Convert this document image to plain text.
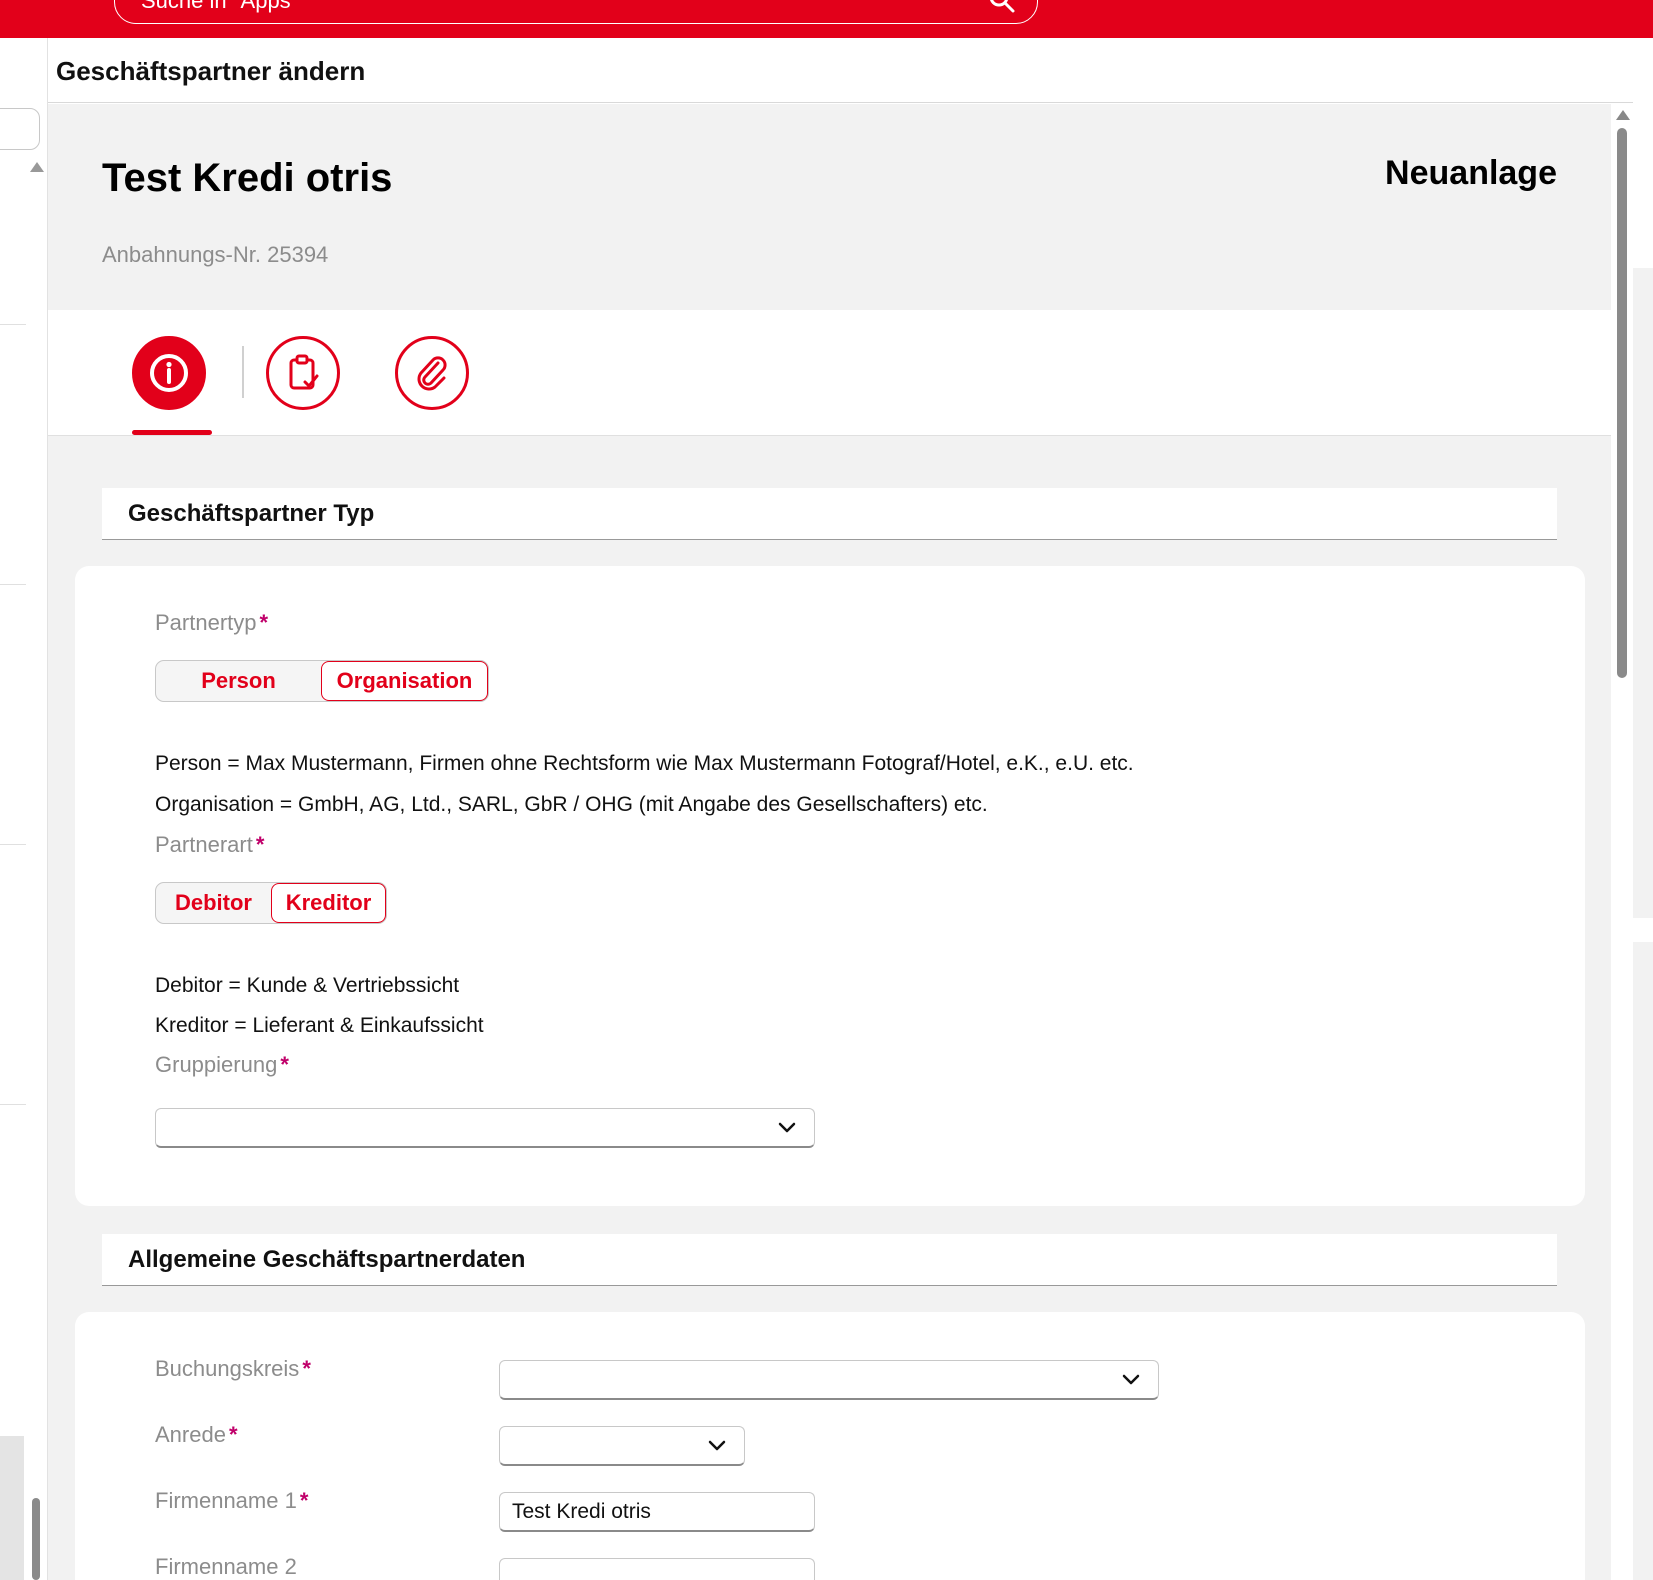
Suche in "Apps"
Geschäftspartner ändern
Test Kredi otris
Anbahnungs-Nr. 25394
Neuanlage
Geschäftspartner Typ
Partnertyp *
Person	Organisation
Person = Max Mustermann, Firmen ohne Rechtsform wie Max Mustermann Fotograf/Hotel, e.K., e.U. etc.
Organisation = GmbH, AG, Ltd., SARL, GbR / OHG (mit Angabe des Gesellschafters) etc.
Partnerart *
Debitor	Kreditor
Debitor = Kunde & Vertriebssicht
Kreditor = Lieferant & Einkaufssicht
Gruppierung *
Allgemeine Geschäftspartnerdaten
Buchungskreis *
Anrede *
Firmenname 1 *	Test Kredi otris
Firmenname 2
